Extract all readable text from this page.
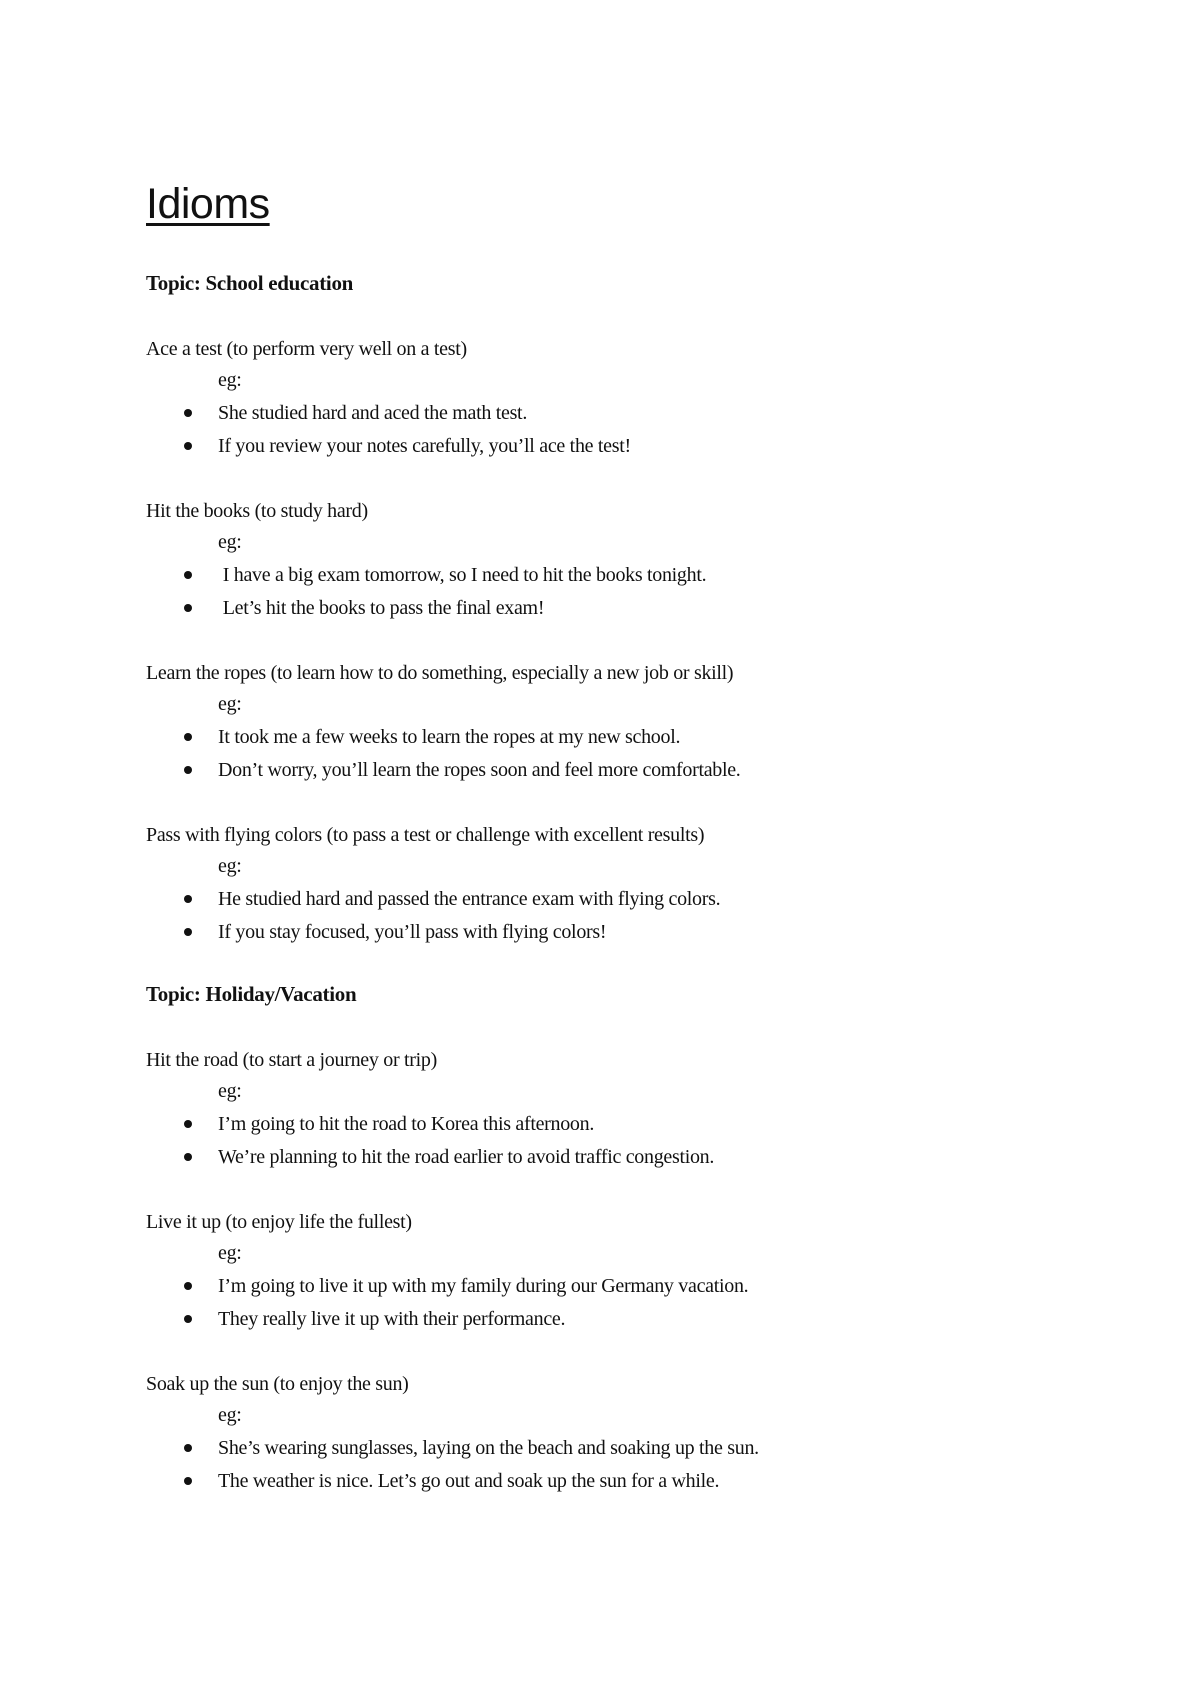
Idioms

Topic: School education

Ace a test (to perform very well on a test)

eg:

She studied hard and aced the math test.
If you review your notes carefully, you’ll ace the test!

Hit the books (to study hard)

eg:

I have a big exam tomorrow, so I need to hit the books tonight.
Let’s hit the books to pass the final exam!

Learn the ropes (to learn how to do something, especially a new job or skill)

eg:

It took me a few weeks to learn the ropes at my new school.
Don’t worry, you’ll learn the ropes soon and feel more comfortable.

Pass with flying colors (to pass a test or challenge with excellent results)

eg:

He studied hard and passed the entrance exam with flying colors.
If you stay focused, you’ll pass with flying colors!

Topic: Holiday/Vacation

Hit the road (to start a journey or trip)

eg:

I’m going to hit the road to Korea this afternoon.
We’re planning to hit the road earlier to avoid traffic congestion.

Live it up (to enjoy life the fullest)

eg:

I’m going to live it up with my family during our Germany vacation.
They really live it up with their performance.

Soak up the sun (to enjoy the sun)

eg:

She’s wearing sunglasses, laying on the beach and soaking up the sun.
The weather is nice. Let’s go out and soak up the sun for a while.
